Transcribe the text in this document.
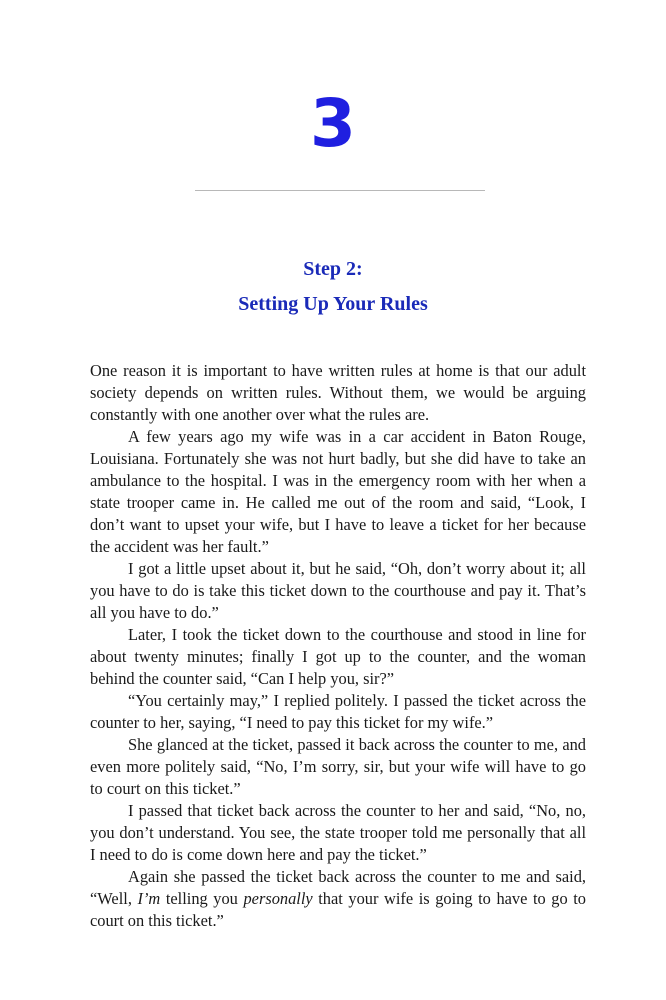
3
Step 2:
Setting Up Your Rules

One reason it is important to have written rules at home is that our adult society depends on written rules. Without them, we would be arguing constantly with one another over what the rules are.

A few years ago my wife was in a car accident in Baton Rouge, Louisiana. Fortunately she was not hurt badly, but she did have to take an ambulance to the hospital. I was in the emergency room with her when a state trooper came in. He called me out of the room and said, “Look, I don’t want to upset your wife, but I have to leave a ticket for her because the accident was her fault.”

I got a little upset about it, but he said, “Oh, don’t worry about it; all you have to do is take this ticket down to the courthouse and pay it. That’s all you have to do.”

Later, I took the ticket down to the courthouse and stood in line for about twenty minutes; finally I got up to the counter, and the woman behind the counter said, “Can I help you, sir?”

“You certainly may,” I replied politely. I passed the ticket across the counter to her, saying, “I need to pay this ticket for my wife.”

She glanced at the ticket, passed it back across the counter to me, and even more politely said, “No, I’m sorry, sir, but your wife will have to go to court on this ticket.”

I passed that ticket back across the counter to her and said, “No, no, you don’t understand. You see, the state trooper told me personally that all I need to do is come down here and pay the ticket.”

Again she passed the ticket back across the counter to me and said, “Well, I’m telling you personally that your wife is going to have to go to court on this ticket.”
